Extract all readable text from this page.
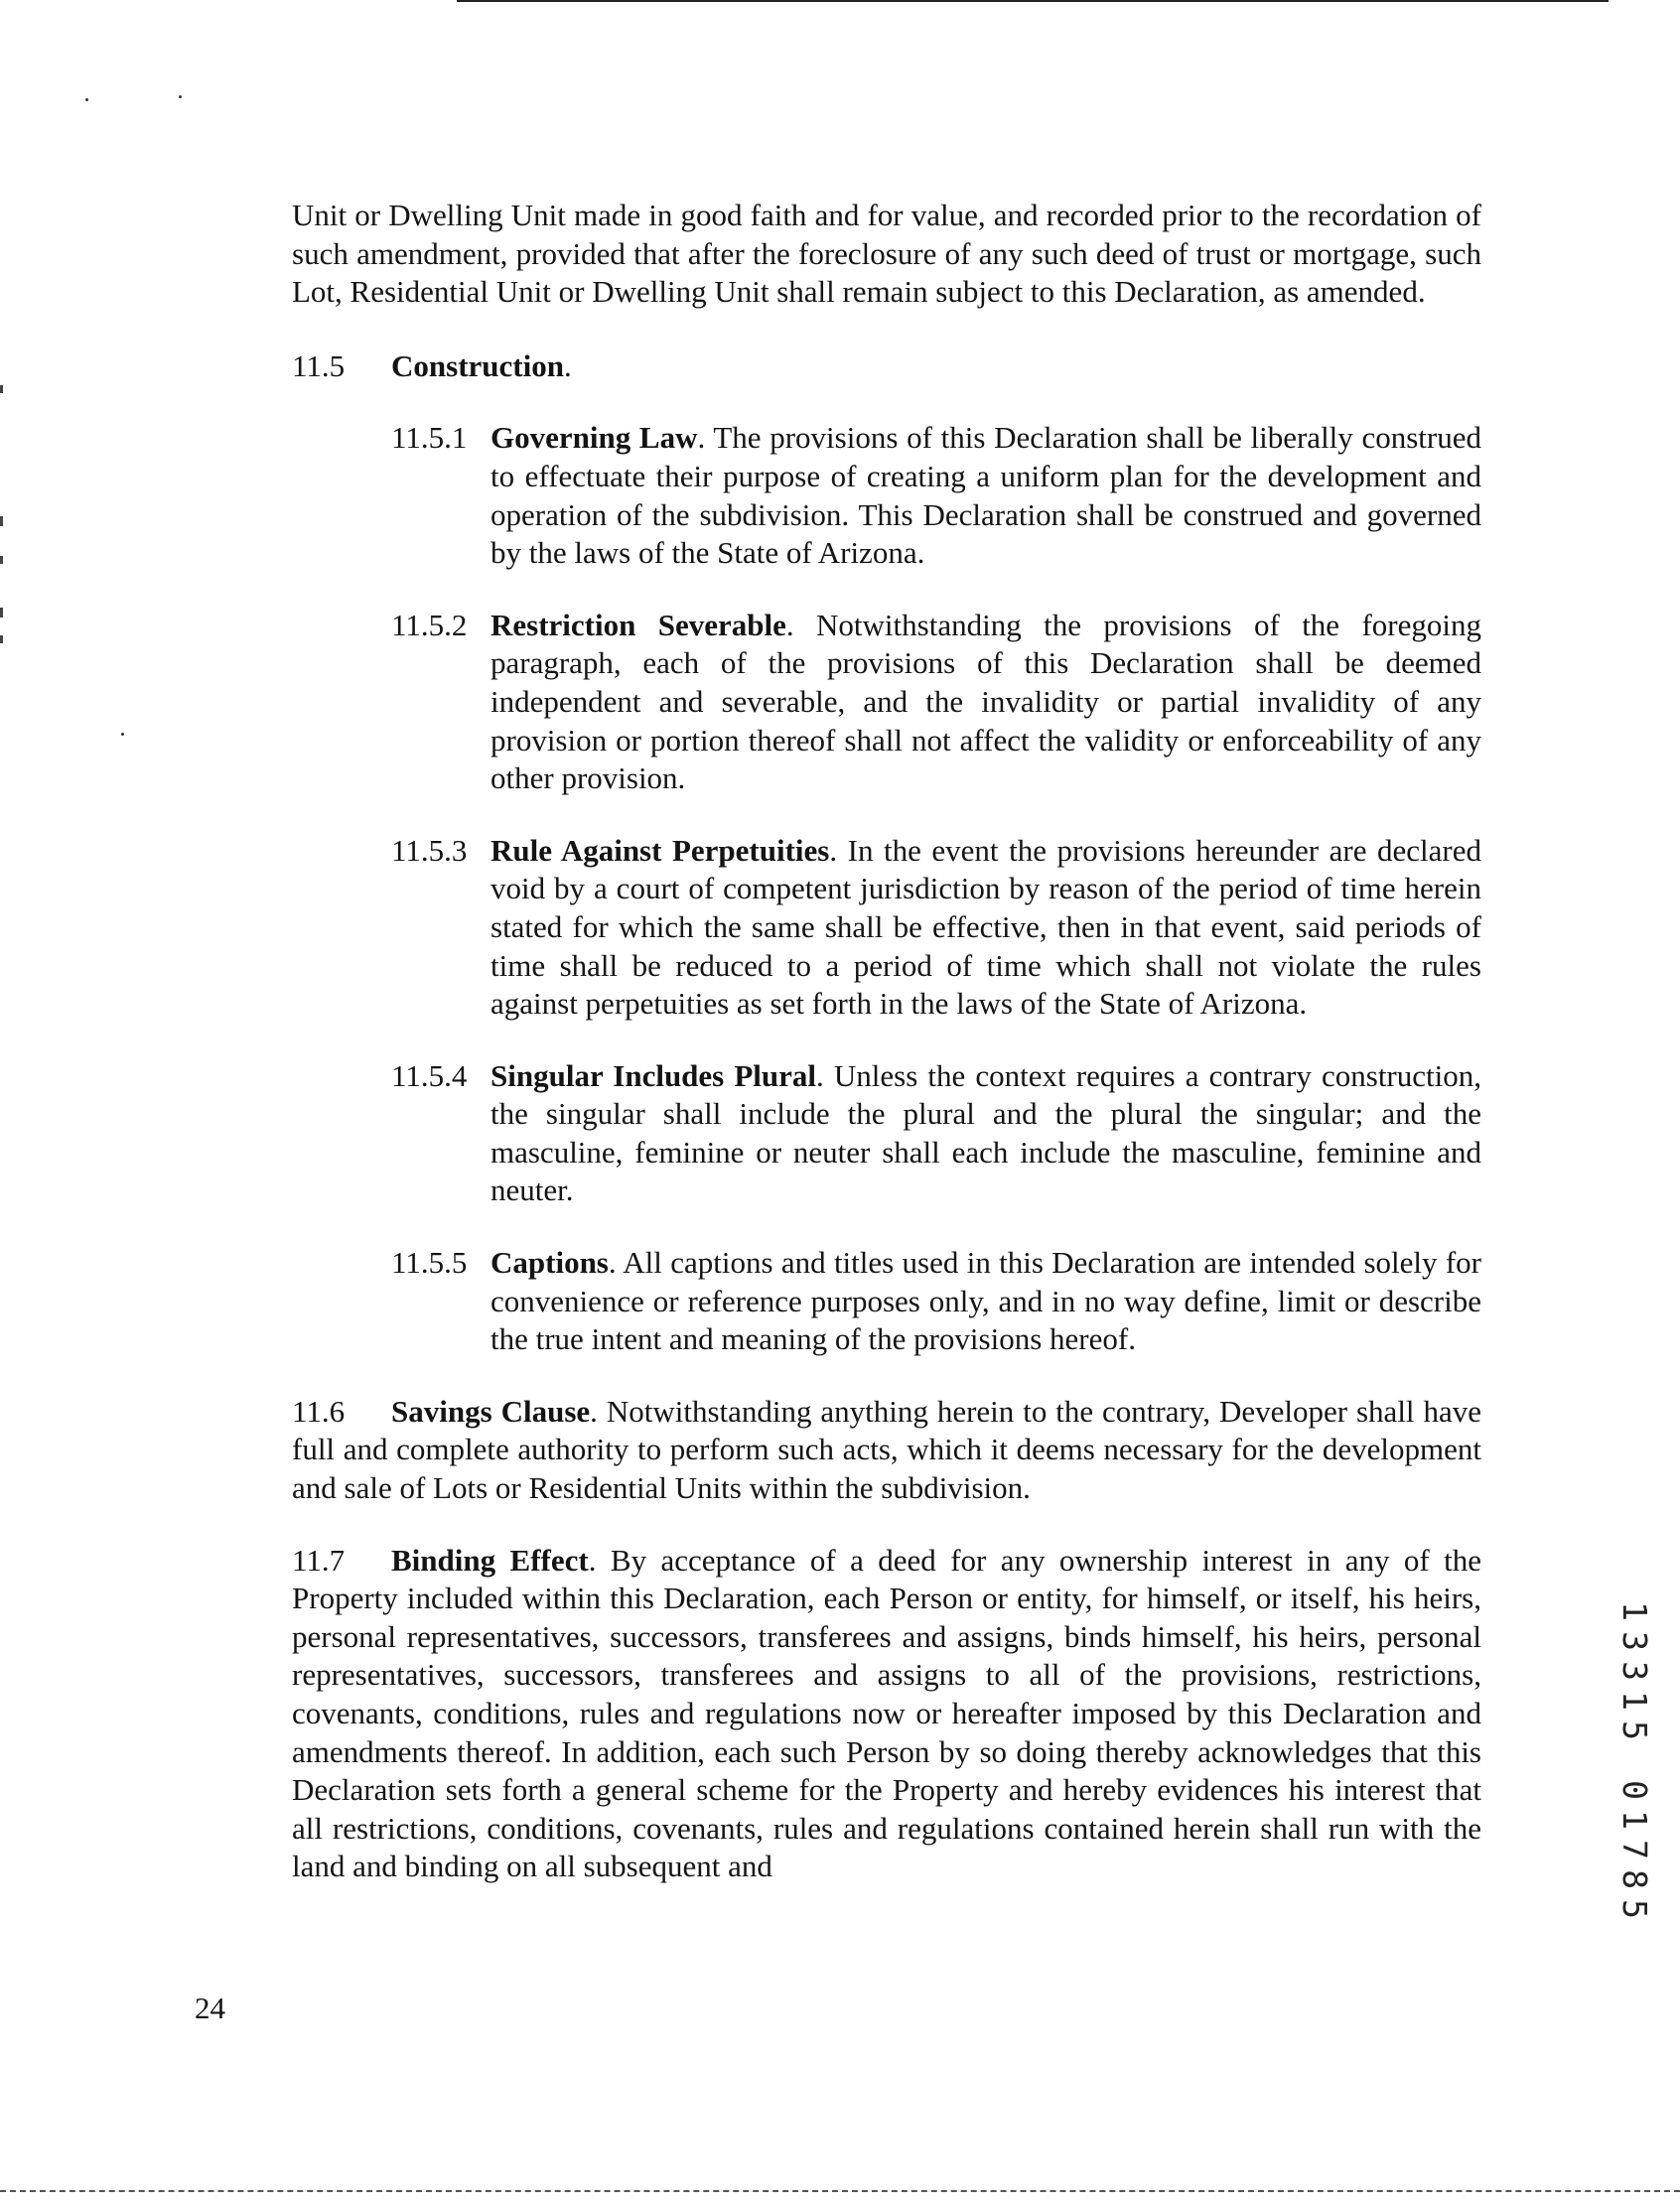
Unit or Dwelling Unit made in good faith and for value, and recorded prior to the recordation of such amendment, provided that after the foreclosure of any such deed of trust or mortgage, such Lot, Residential Unit or Dwelling Unit shall remain subject to this Declaration, as amended.

11.5 Construction.

11.5.1 Governing Law. The provisions of this Declaration shall be liberally construed to effectuate their purpose of creating a uniform plan for the development and operation of the subdivision. This Declaration shall be construed and governed by the laws of the State of Arizona.

11.5.2 Restriction Severable. Notwithstanding the provisions of the foregoing paragraph, each of the provisions of this Declaration shall be deemed independent and severable, and the invalidity or partial invalidity of any provision or portion thereof shall not affect the validity or enforceability of any other provision.

11.5.3 Rule Against Perpetuities. In the event the provisions hereunder are declared void by a court of competent jurisdiction by reason of the period of time herein stated for which the same shall be effective, then in that event, said periods of time shall be reduced to a period of time which shall not violate the rules against perpetuities as set forth in the laws of the State of Arizona.

11.5.4 Singular Includes Plural. Unless the context requires a contrary construction, the singular shall include the plural and the plural the singular; and the masculine, feminine or neuter shall each include the masculine, feminine and neuter.

11.5.5 Captions. All captions and titles used in this Declaration are intended solely for convenience or reference purposes only, and in no way define, limit or describe the true intent and meaning of the provisions hereof.

11.6 Savings Clause. Notwithstanding anything herein to the contrary, Developer shall have full and complete authority to perform such acts, which it deems necessary for the development and sale of Lots or Residential Units within the subdivision.

11.7 Binding Effect. By acceptance of a deed for any ownership interest in any of the Property included within this Declaration, each Person or entity, for himself, or itself, his heirs, personal representatives, successors, transferees and assigns, binds himself, his heirs, personal representatives, successors, transferees and assigns to all of the provisions, restrictions, covenants, conditions, rules and regulations now or hereafter imposed by this Declaration and amendments thereof. In addition, each such Person by so doing thereby acknowledges that this Declaration sets forth a general scheme for the Property and hereby evidences his interest that all restrictions, conditions, covenants, rules and regulations contained herein shall run with the land and binding on all subsequent and

24
1
3
3
1
5
0
1
7
8
5
